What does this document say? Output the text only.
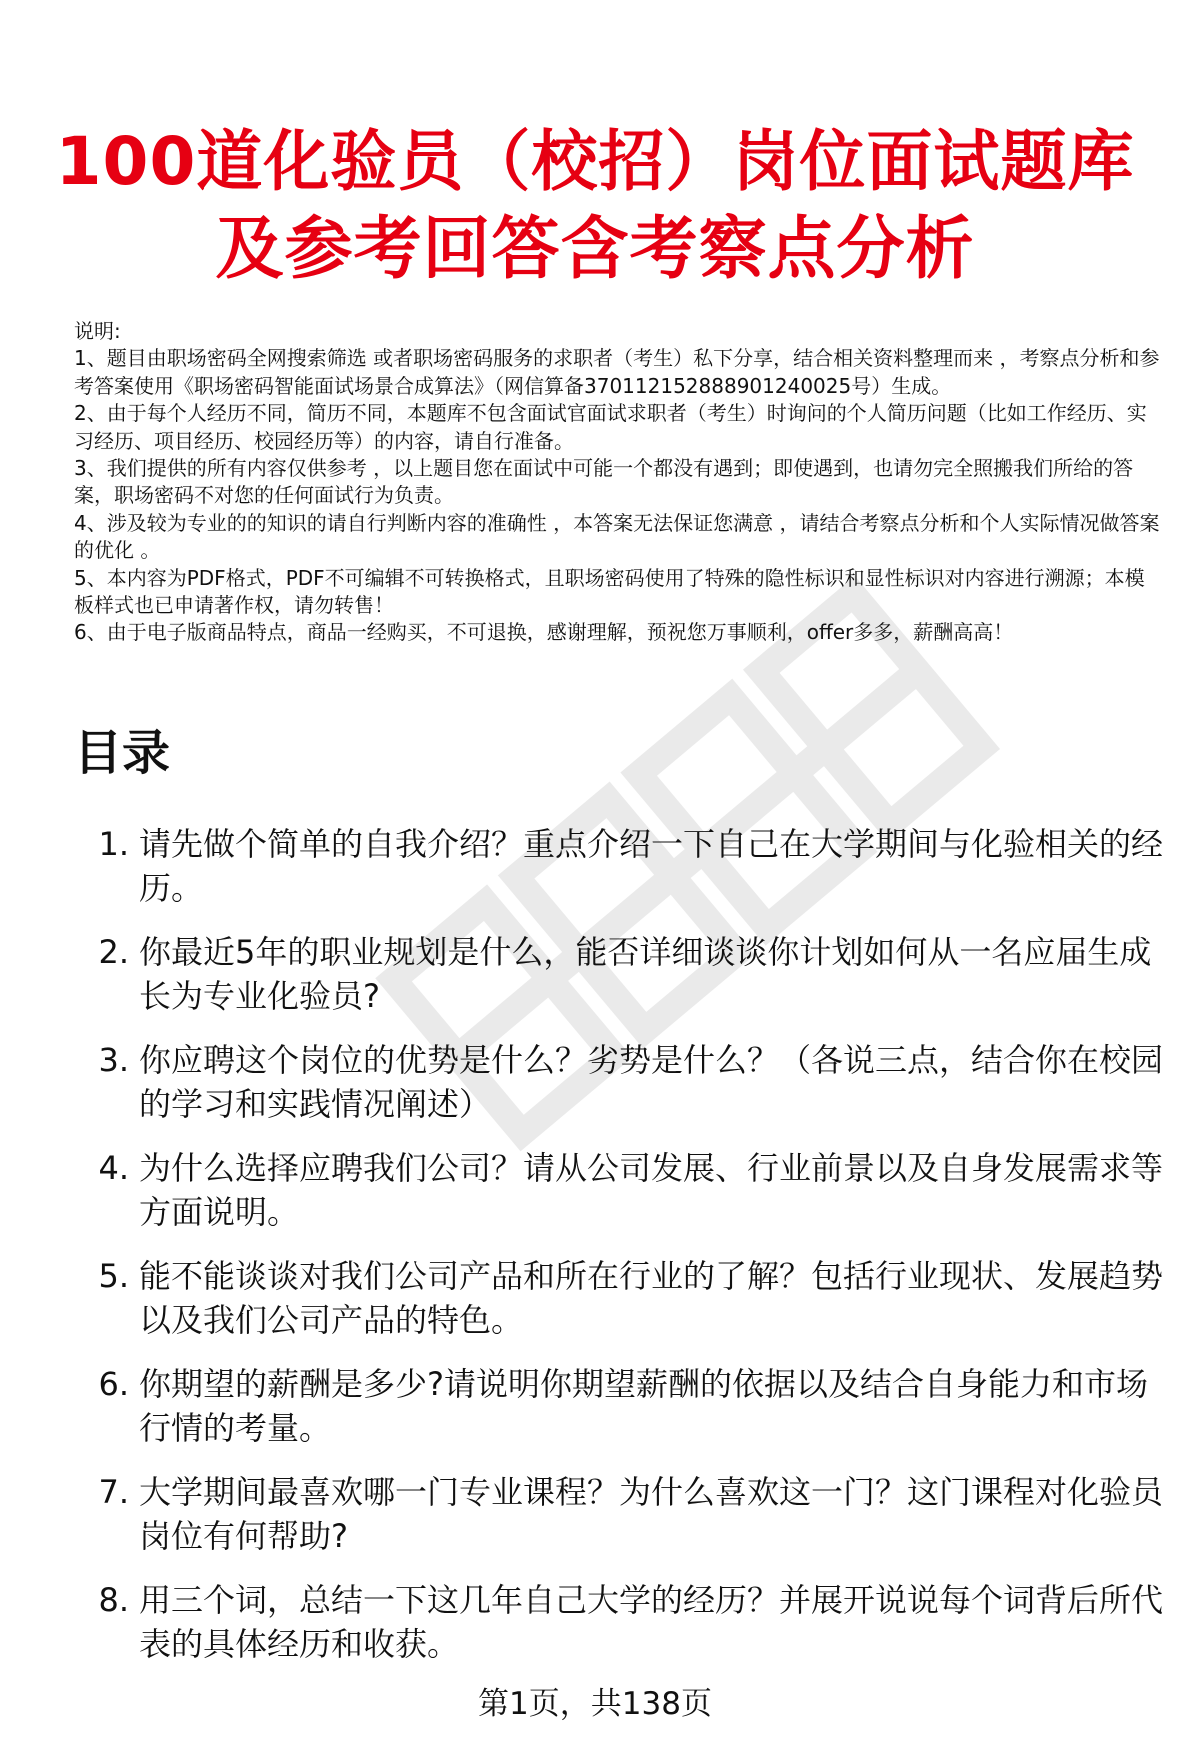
100道化验员（校招）岗位面试题库
及参考回答含考察点分析

说明:

1、题目由职场密码全网搜索筛选 或者职场密码服务的求职者（考生）私下分享，结合相关资料整理而来 ，考察点分析和参考答案使用《职场密码智能面试场景合成算法》（网信算备370112152888901240025号）生成。

2、由于每个人经历不同，简历不同，本题库不包含面试官面试求职者（考生）时询问的个人简历问题（比如工作经历、实习经历、项目经历、校园经历等）的内容，请自行准备。

3、我们提供的所有内容仅供参考 ，以上题目您在面试中可能一个都没有遇到；即使遇到，也请勿完全照搬我们所给的答案，职场密码不对您的任何面试行为负责。

4、涉及较为专业的的知识的请自行判断内容的准确性 ，本答案无法保证您满意 ，请结合考察点分析和个人实际情况做答案的优化 。

5、本内容为PDF格式，PDF不可编辑不可转换格式，且职场密码使用了特殊的隐性标识和显性标识对内容进行溯源；本模板样式也已申请著作权，请勿转售！

6、由于电子版商品特点，商品一经购买，不可退换，感谢理解，预祝您万事顺利，offer多多，薪酬高高！

目录
1. 请先做个简单的自我介绍？重点介绍一下自己在大学期间与化验相关的经历。
2. 你最近5年的职业规划是什么，能否详细谈谈你计划如何从一名应届生成长为专业化验员?
3. 你应聘这个岗位的优势是什么？劣势是什么？（各说三点，结合你在校园的学习和实践情况阐述）
4. 为什么选择应聘我们公司？请从公司发展、行业前景以及自身发展需求等方面说明。
5. 能不能谈谈对我们公司产品和所在行业的了解？包括行业现状、发展趋势以及我们公司产品的特色。
6. 你期望的薪酬是多少?请说明你期望薪酬的依据以及结合自身能力和市场行情的考量。
7. 大学期间最喜欢哪一门专业课程？为什么喜欢这一门？这门课程对化验员岗位有何帮助?
8. 用三个词，总结一下这几年自己大学的经历？并展开说说每个词背后所代表的具体经历和收获。
第1页，共138页
